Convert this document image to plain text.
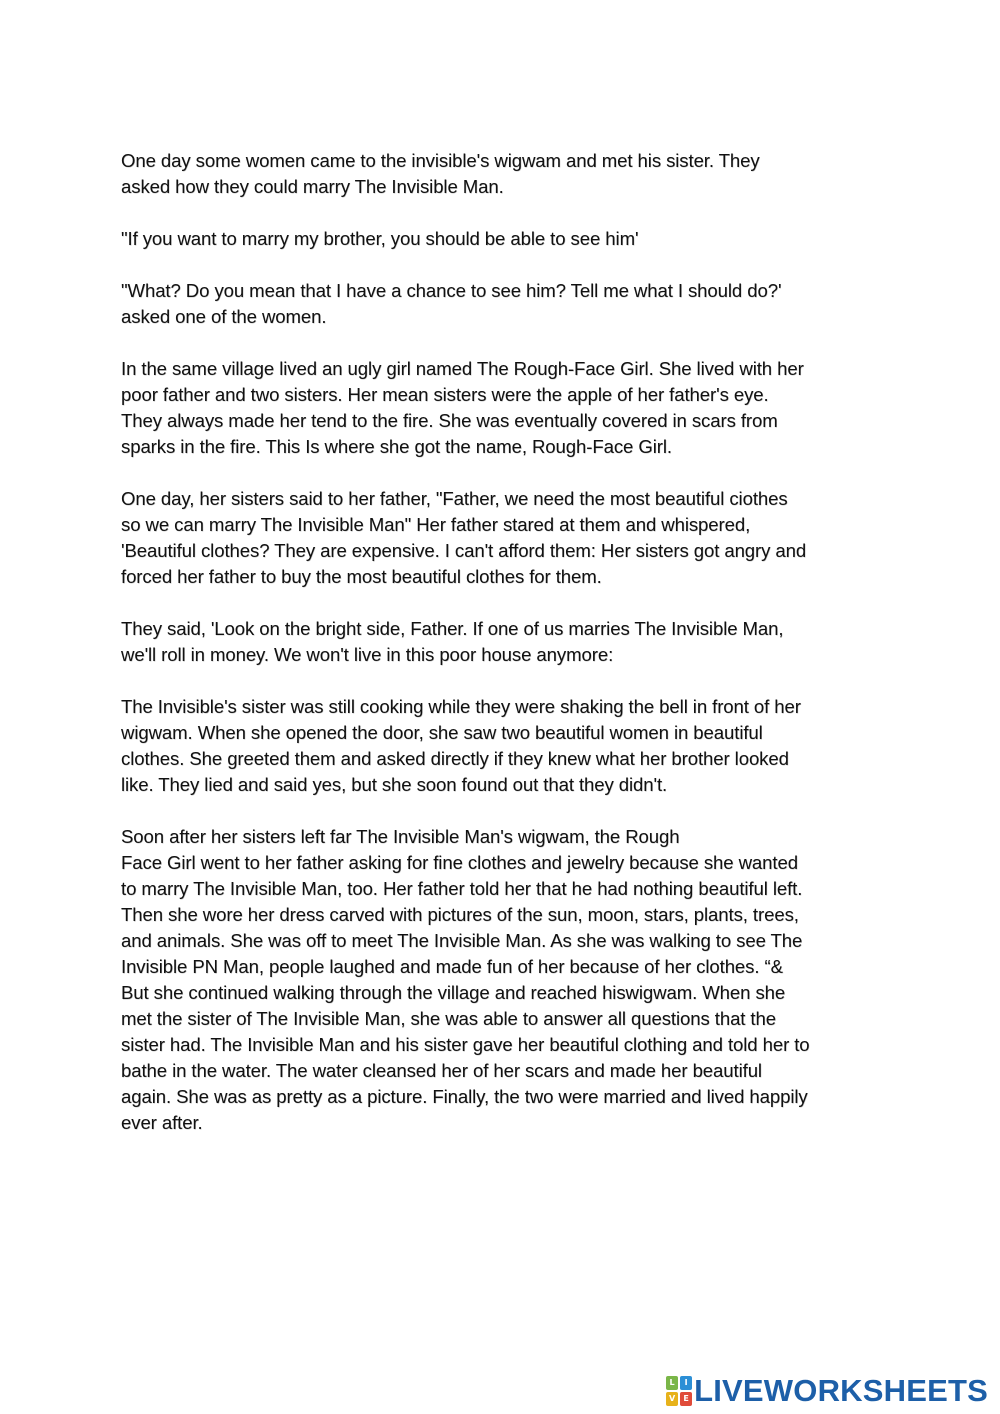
One day some women came to the invisible's wigwam and met his sister. They
asked how they could marry The Invisible Man.

"If you want to marry my brother, you should be able to see him'

"What? Do you mean that I have a chance to see him? Tell me what I should do?'
asked one of the women.

In the same village lived an ugly girl named The Rough-Face Girl. She lived with her
poor father and two sisters. Her mean sisters were the apple of her father's eye.
They always made her tend to the fire. She was eventually covered in scars from
sparks in the fire. This Is where she got the name, Rough-Face Girl.

One day, her sisters said to her father, "Father, we need the most beautiful ciothes
so we can marry The Invisible Man" Her father stared at them and whispered,
'Beautiful clothes? They are expensive. I can't afford them: Her sisters got angry and
forced her father to buy the most beautiful clothes for them.

They said, 'Look on the bright side, Father. If one of us marries The Invisible Man,
we'll roll in money. We won't live in this poor house anymore:

The Invisible's sister was still cooking while they were shaking the bell in front of her
wigwam. When she opened the door, she saw two beautiful women in beautiful
clothes. She greeted them and asked directly if they knew what her brother looked
like. They lied and said yes, but she soon found out that they didn't.

Soon after her sisters left far The Invisible Man's wigwam, the Rough
Face Girl went to her father asking for fine clothes and jewelry because she wanted
to marry The Invisible Man, too. Her father told her that he had nothing beautiful left.
Then she wore her dress carved with pictures of the sun, moon, stars, plants, trees,
and animals. She was off to meet The Invisible Man. As she was walking to see The
Invisible PN Man, people laughed and made fun of her because of her clothes. “&
But she continued walking through the village and reached hiswigwam. When she
met the sister of The Invisible Man, she was able to answer all questions that the
sister had. The Invisible Man and his sister gave her beautiful clothing and told her to
bathe in the water. The water cleansed her of her scars and made her beautiful
again. She was as pretty as a picture. Finally, the two were married and lived happily
ever after.

L	I
V	E LIVEWORKSHEETS
